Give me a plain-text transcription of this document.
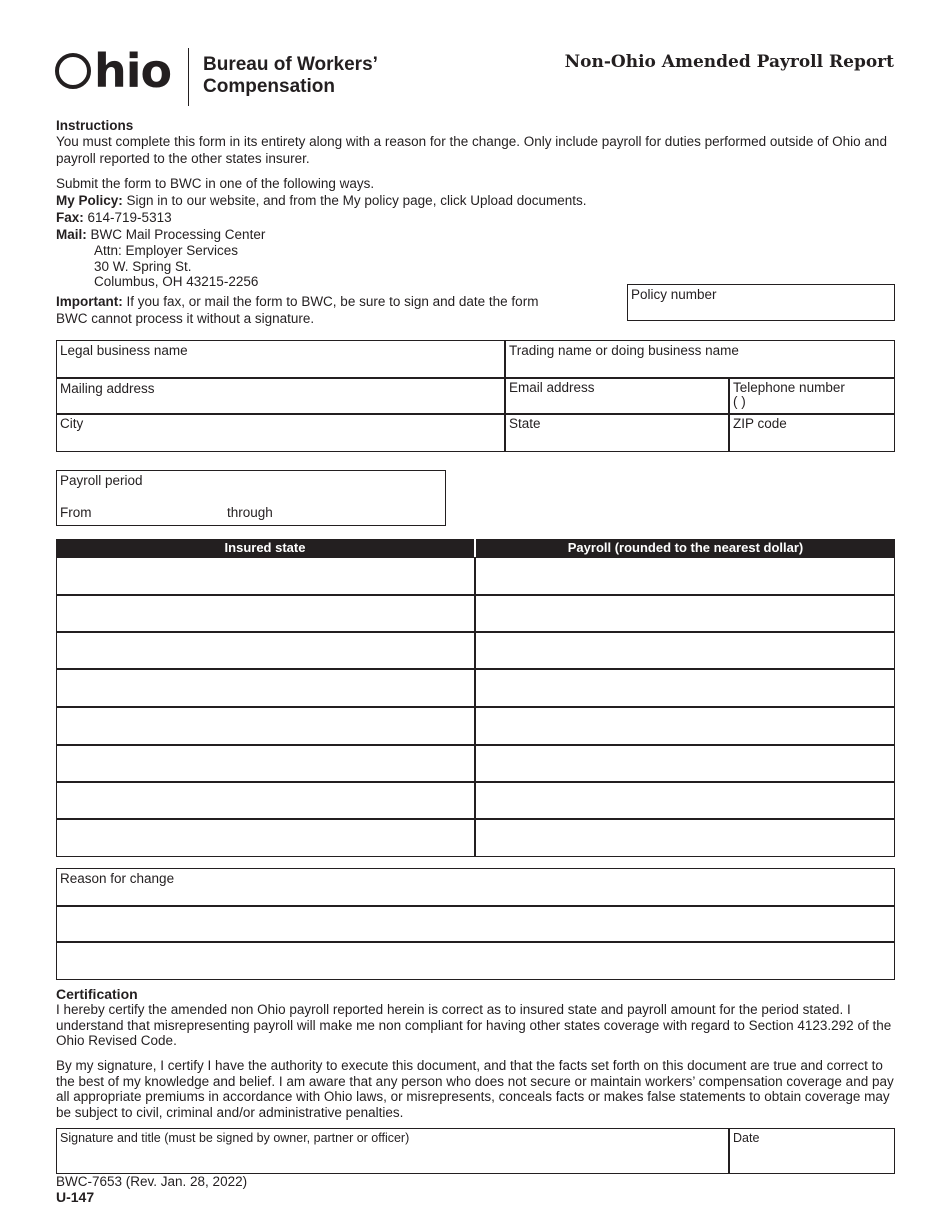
hio Bureau of Workers’
Compensation
Non-Ohio Amended Payroll Report
Instructions
You must complete this form in its entirety along with a reason for the change. Only include payroll for duties performed outside of Ohio and payroll reported to the other states insurer.
Submit the form to BWC in one of the following ways.
My Policy: Sign in to our website, and from the My policy page, click Upload documents.
Fax: 614-719-5313
Mail: BWC Mail Processing Center
Attn: Employer Services
30 W. Spring St.
Columbus, OH 43215-2256
Important: If you fax, or mail the form to BWC, be sure to sign and date the form BWC cannot process it without a signature.
Policy number
Legal business name	Trading name or doing business name
Mailing address	Email address	Telephone number
( )
City	State	ZIP code
Payroll period
From	through
Insured state	Payroll (rounded to the nearest dollar)
Reason for change
Certification
I hereby certify the amended non Ohio payroll reported herein is correct as to insured state and payroll amount for the period stated. I understand that misrepresenting payroll will make me non compliant for having other states coverage with regard to Section 4123.292 of the Ohio Revised Code.
By my signature, I certify I have the authority to execute this document, and that the facts set forth on this document are true and correct to the best of my knowledge and belief. I am aware that any person who does not secure or maintain workers’ compensation coverage and pay all appropriate premiums in accordance with Ohio laws, or misrepresents, conceals facts or makes false statements to obtain coverage may be subject to civil, criminal and/or administrative penalties.
Signature and title (must be signed by owner, partner or officer)	Date
BWC-7653 (Rev. Jan. 28, 2022)
U-147
